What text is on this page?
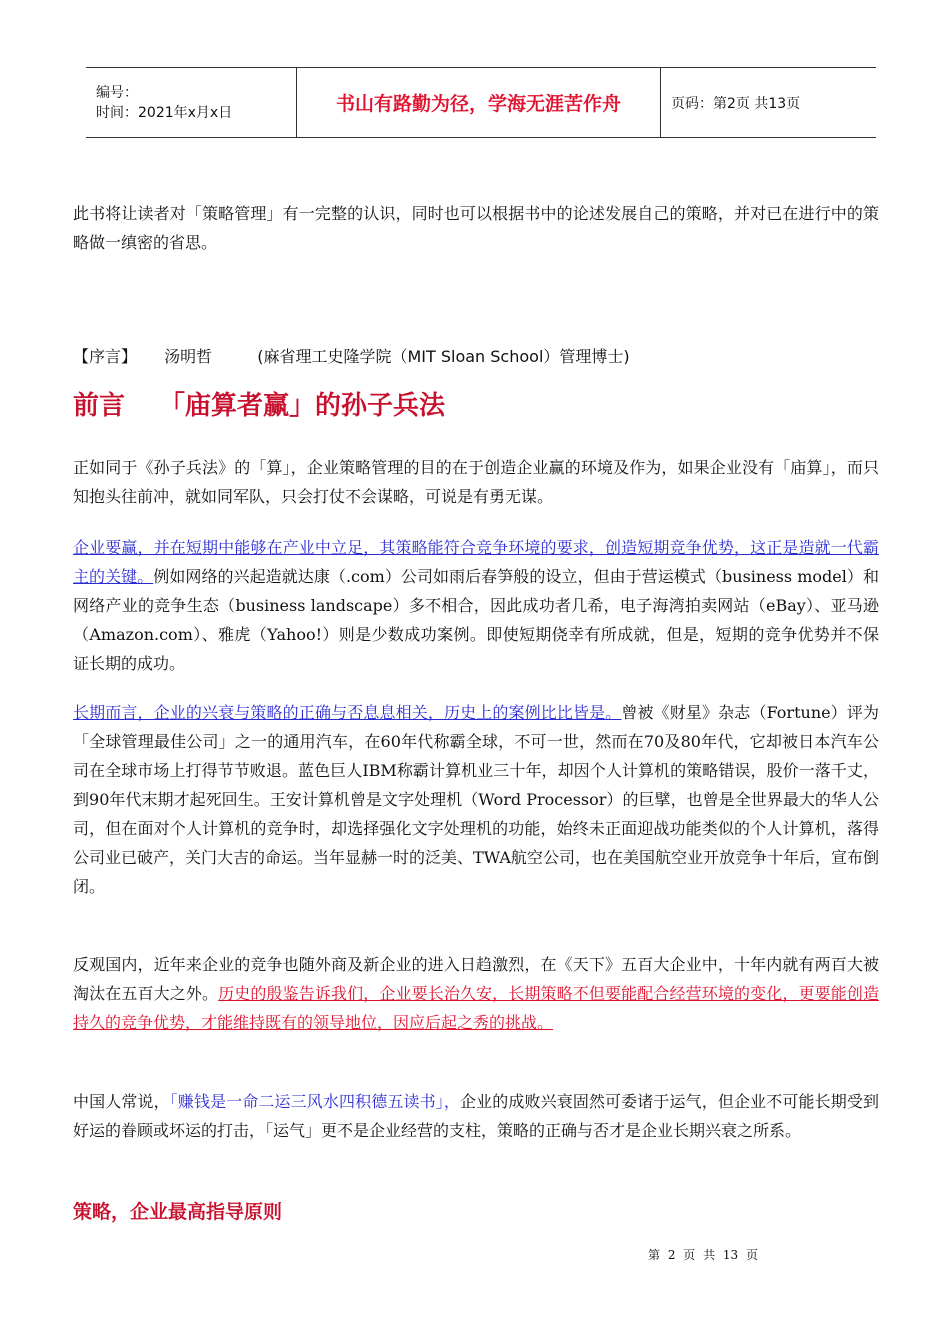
编号：
时间：2021年x月x日	书山有路勤为径，学海无涯苦作舟	页码：第2页 共13页

此书将让读者对「策略管理」有一完整的认识，同时也可以根据书中的论述发展自己的策略，并对已在进行中的策略做一缜密的省思。

【序言】 汤明哲	(麻省理工史隆学院（MIT Sloan School）管理博士)
前言 「庙算者赢」的孙子兵法

正如同于《孙子兵法》的「算」，企业策略管理的目的在于创造企业赢的环境及作为，如果企业没有「庙算」，而只知抱头往前冲，就如同军队，只会打仗不会谋略，可说是有勇无谋。

企业要赢，并在短期中能够在产业中立足，其策略能符合竞争环境的要求，创造短期竞争优势，这正是造就一代霸主的关键。例如网络的兴起造就达康（.com）公司如雨后春笋般的设立，但由于营运模式（business model）和网络产业的竞争生态（business landscape）多不相合，因此成功者几希，电子海湾拍卖网站（eBay）、亚马逊（Amazon.com）、雅虎（Yahoo!）则是少数成功案例。即使短期侥幸有所成就，但是，短期的竞争优势并不保证长期的成功。

长期而言，企业的兴衰与策略的正确与否息息相关，历史上的案例比比皆是。曾被《财星》杂志（Fortune）评为「全球管理最佳公司」之一的通用汽车，在60年代称霸全球，不可一世，然而在70及80年代，它却被日本汽车公司在全球市场上打得节节败退。蓝色巨人IBM称霸计算机业三十年，却因个人计算机的策略错误，股价一落千丈，到90年代末期才起死回生。王安计算机曾是文字处理机（Word Processor）的巨擘，也曾是全世界最大的华人公司，但在面对个人计算机的竞争时，却选择强化文字处理机的功能，始终未正面迎战功能类似的个人计算机，落得公司业已破产，关门大吉的命运。当年显赫一时的泛美、TWA航空公司，也在美国航空业开放竞争十年后，宣布倒闭。

反观国内，近年来企业的竞争也随外商及新企业的进入日趋激烈，在《天下》五百大企业中，十年内就有两百大被淘汰在五百大之外。历史的殷鉴告诉我们，企业要长治久安，长期策略不但要能配合经营环境的变化，更要能创造持久的竞争优势，才能维持既有的领导地位，因应后起之秀的挑战。

中国人常说，「赚钱是一命二运三风水四积德五读书」，企业的成败兴衰固然可委诸于运气，但企业不可能长期受到好运的眷顾或坏运的打击，「运气」更不是企业经营的支柱，策略的正确与否才是企业长期兴衰之所系。

策略，企业最高指导原则
第 2 页 共 13 页
